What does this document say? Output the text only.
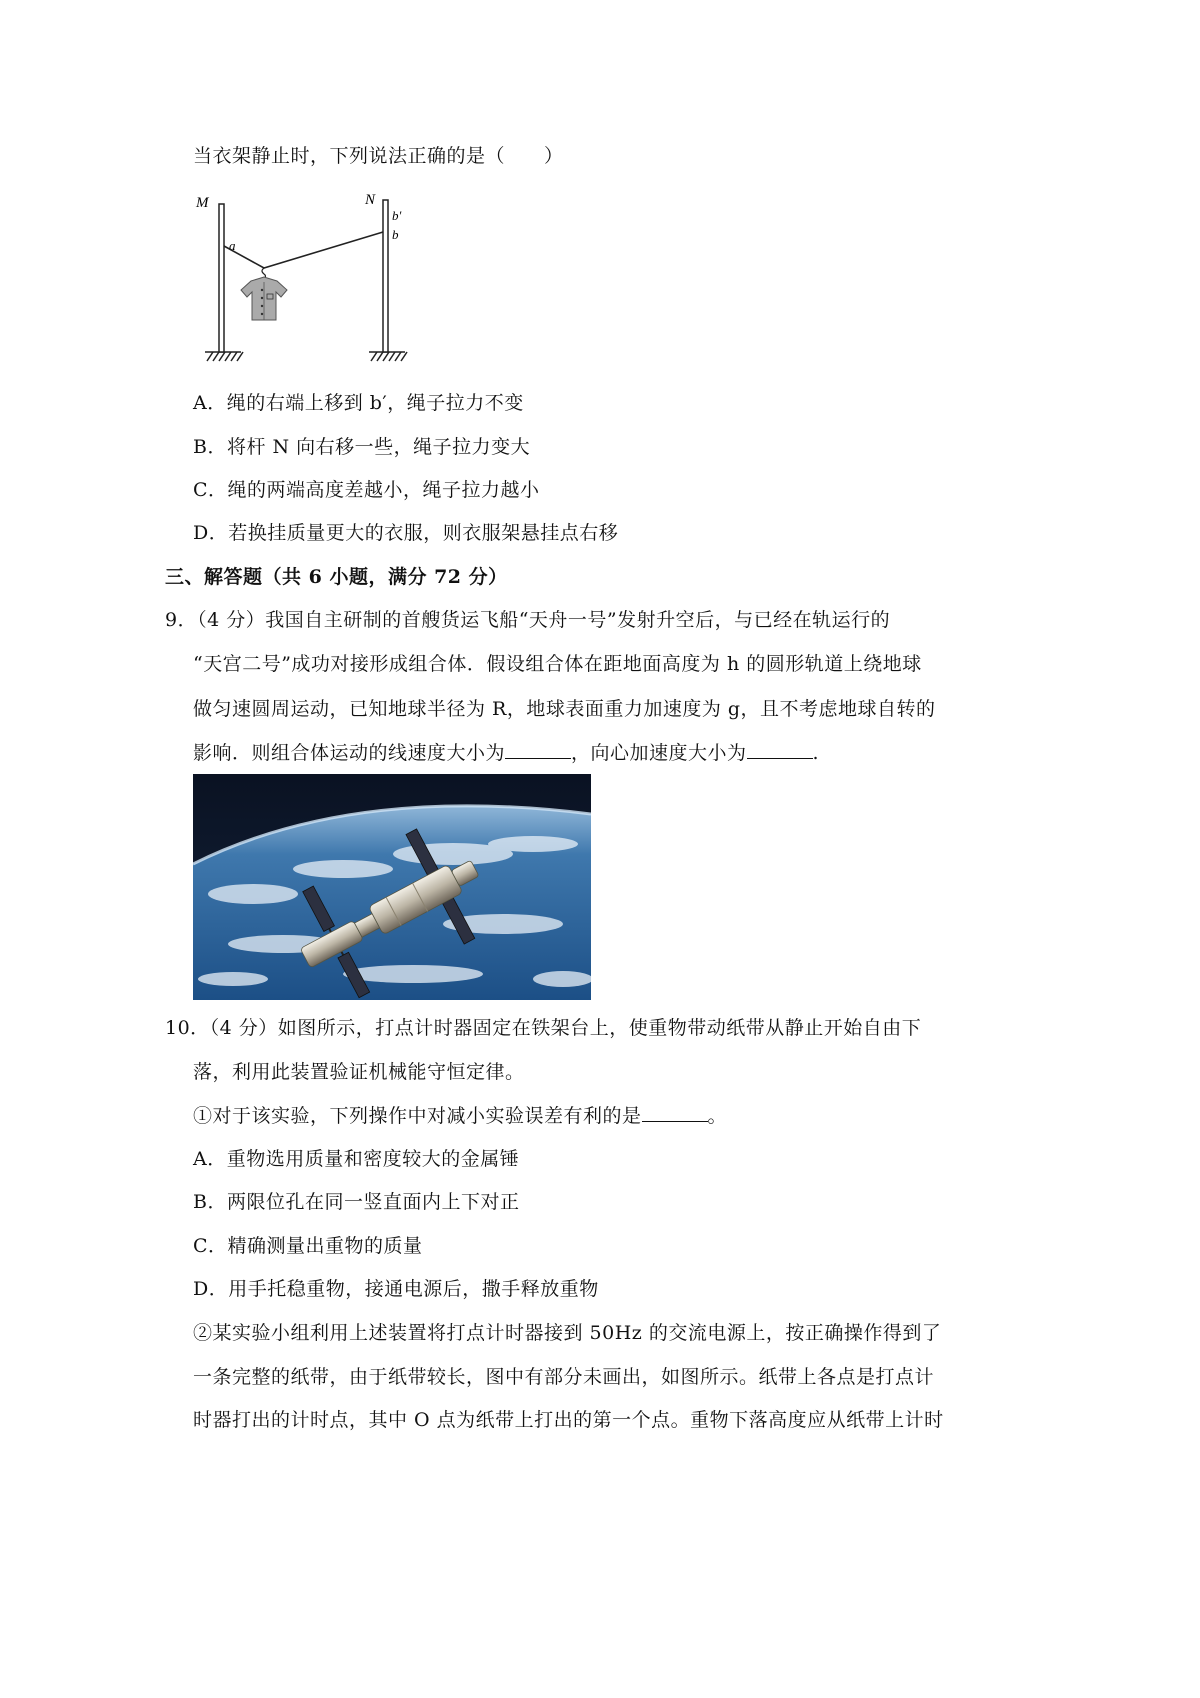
当衣架静止时，下列说法正确的是（　　）
M	N
a
b′
b
A．绳的右端上移到 b′，绳子拉力不变
B．将杆 N 向右移一些，绳子拉力变大
C．绳的两端高度差越小，绳子拉力越小
D．若换挂质量更大的衣服，则衣服架悬挂点右移
三、解答题（共 6 小题，满分 72 分）
9．（4 分）我国自主研制的首艘货运飞船“天舟一号”发射升空后，与已经在轨运行的
“天宫二号”成功对接形成组合体．假设组合体在距地面高度为 h 的圆形轨道上绕地球
做匀速圆周运动，已知地球半径为 R，地球表面重力加速度为 g，且不考虑地球自转的
影响．则组合体运动的线速度大小为	，向心加速度大小为	.
10．（4 分）如图所示，打点计时器固定在铁架台上，使重物带动纸带从静止开始自由下
落，利用此装置验证机械能守恒定律。
①对于该实验，下列操作中对减小实验误差有利的是	。
A．重物选用质量和密度较大的金属锤
B．两限位孔在同一竖直面内上下对正
C．精确测量出重物的质量
D．用手托稳重物，接通电源后，撒手释放重物
②某实验小组利用上述装置将打点计时器接到 50Hz 的交流电源上，按正确操作得到了
一条完整的纸带，由于纸带较长，图中有部分未画出，如图所示。纸带上各点是打点计
时器打出的计时点，其中 O 点为纸带上打出的第一个点。重物下落高度应从纸带上计时
